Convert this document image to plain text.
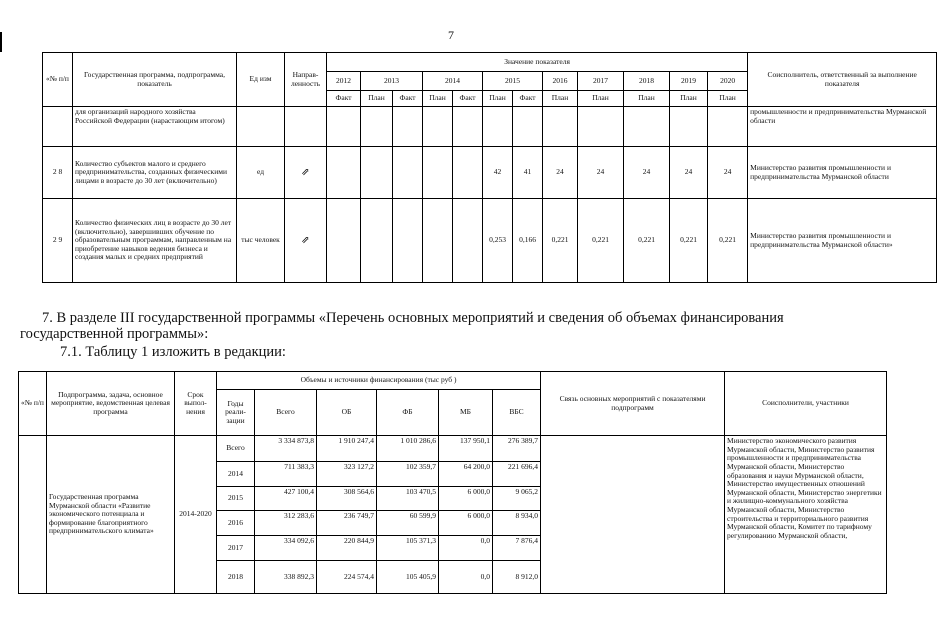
7
«№ п/п	Государственная программа, подпрограмма, показатель	Ед изм	Направ-ленность	Значение показателя												Соисполнитель, ответственный за выполнение показателя
				2012	2013		2014		2015		2016	2017	2018	2019	2020	
				Факт	План	Факт	План	Факт	План	Факт	План	План	План	План	План	
	для организаций народного хозяйства Российской Федерации (нарастающим итогом)															промышленности и предпринимательства Мурманской области
2 8	Количество субъектов малого и среднего предпринимательства, созданных физическими лицами в возрасте до 30 лет (включительно)	ед	⇗						42	41	24	24	24	24	24	Министерство развития промышленности и предпринимательства Мурманской области
2 9	Количество физических лиц в возрасте до 30 лет (включительно), завершивших обучение по образовательным программам, направленным на приобретение навыков ведения бизнеса и создания малых и средних предприятий	тыс человек	⇗						0,253	0,166	0,221	0,221	0,221	0,221	0,221	Министерство развития промышленности и предпринимательства Мурманской области»
7. В разделе III государственной программы «Перечень основных мероприятий и сведения об объемах финансирования
государственной программы»:
7.1. Таблицу 1 изложить в редакции:
«№ п/п	Подпрограмма, задача, основное мероприятие, ведомственная целевая программа	Срок выпол-нения	Объемы и источники финансирования (тыс руб )						Связь основных мероприятий с показателями подпрограмм	Соисполнители, участники
			Годы реали-зации	Всего	ОБ	ФБ	МБ	ВБС		
	Государственная программа Мурманской области «Развитие экономического потенциала и формирование благоприятного предпринимательского климата»	2014-2020	Всего	3 334 873,8	1 910 247,4	1 010 286,6	137 950,1	276 389,7		Министерство экономического развития Мурманской области, Министерство развития промышленности и предпринимательства Мурманской области, Министерство образования и науки Мурманской области, Министерство имущественных отношений Мурманской области, Министерство энергетики и жилищно-коммунального хозяйства Мурманской области, Министерство строительства и территориального развития Мурманской области, Комитет по тарифному регулированию Мурманской области,
			2014	711 383,3	323 127,2	102 359,7	64 200,0	221 696,4		
			2015	427 100,4	308 564,6	103 470,5	6 000,0	9 065,2		
			2016	312 283,6	236 749,7	60 599,9	6 000,0	8 934,0		
			2017	334 092,6	220 844,9	105 371,3	0,0	7 876,4		
			2018	338 892,3	224 574,4	105 405,9	0,0	8 912,0		
